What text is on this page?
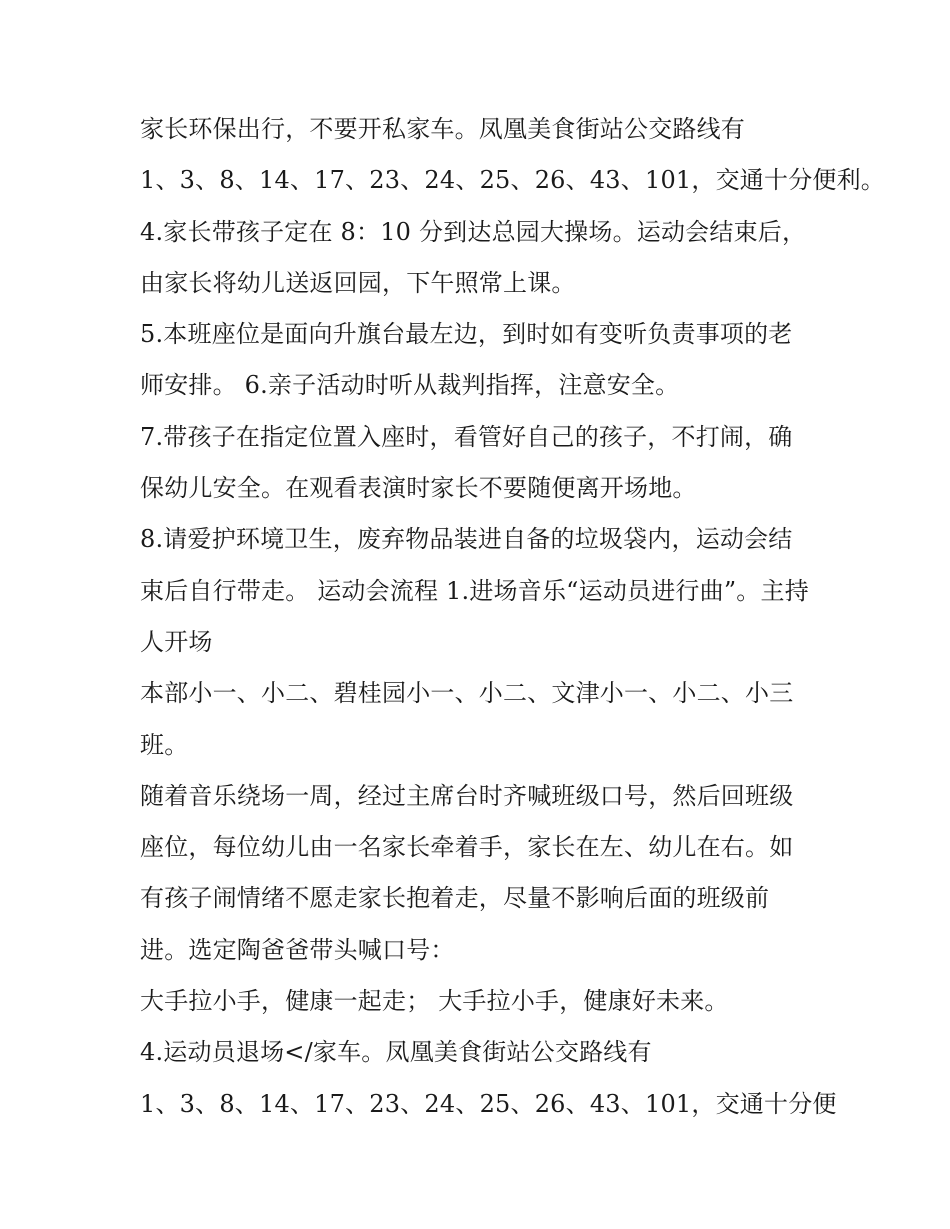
家长环保出行，不要开私家车。凤凰美食街站公交路线有
1、3、8、14、17、23、24、25、26、43、101，交通十分便利。
4.家长带孩子定在 8：10 分到达总园大操场。运动会结束后，
由家长将幼儿送返回园，下午照常上课。
5.本班座位是面向升旗台最左边，到时如有变听负责事项的老
师安排。 6.亲子活动时听从裁判指挥，注意安全。
7.带孩子在指定位置入座时，看管好自己的孩子，不打闹，确
保幼儿安全。在观看表演时家长不要随便离开场地。
8.请爱护环境卫生，废弃物品装进自备的垃圾袋内，运动会结
束后自行带走。 运动会流程 1.进场音乐“运动员进行曲”。主持
人开场
本部小一、小二、碧桂园小一、小二、文津小一、小二、小三
班。
随着音乐绕场一周，经过主席台时齐喊班级口号，然后回班级
座位，每位幼儿由一名家长牵着手，家长在左、幼儿在右。如
有孩子闹情绪不愿走家长抱着走，尽量不影响后面的班级前
进。选定陶爸爸带头喊口号：
大手拉小手，健康一起走； 大手拉小手，健康好未来。
4.运动员退场</家车。凤凰美食街站公交路线有
1、3、8、14、17、23、24、25、26、43、101，交通十分便
